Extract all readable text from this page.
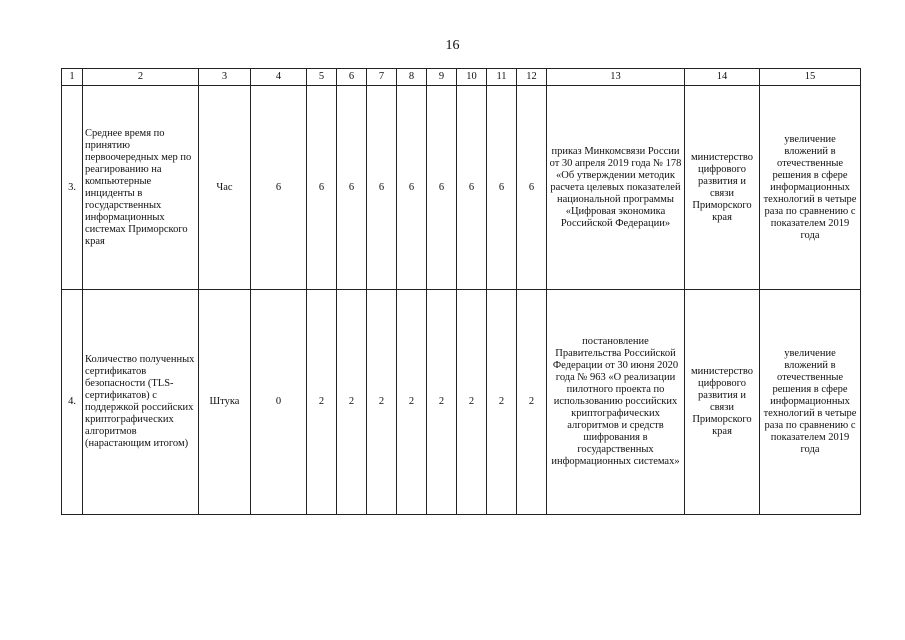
16
1	2	3	4	5	6	7	8	9	10	11	12	13	14	15
3.	Среднее время по принятию первоочередных мер по реагированию на компьютерные инциденты в государственных информационных системах Приморского края	Час	6	6	6	6	6	6	6	6	6	приказ Минкомсвязи России от 30 апреля 2019 года № 178 «Об утверждении методик расчета целевых показателей национальной программы «Цифровая экономика Российской Федерации»	министерство цифрового развития и связи Приморского края	увеличение вложений в отечественные решения в сфере информационных технологий в четыре раза по сравнению с показателем 2019 года
4.	Количество полученных сертификатов безопасности (TLS-сертификатов) с поддержкой российских криптографических алгоритмов (нарастающим итогом)	Штука	0	2	2	2	2	2	2	2	2	постановление Правительства Российской Федерации от 30 июня 2020 года № 963 «О реализации пилотного проекта по использованию российских криптографических алгоритмов и средств шифрования в государственных информационных системах»	министерство цифрового развития и связи Приморского края	увеличение вложений в отечественные решения в сфере информационных технологий в четыре раза по сравнению с показателем 2019 года
